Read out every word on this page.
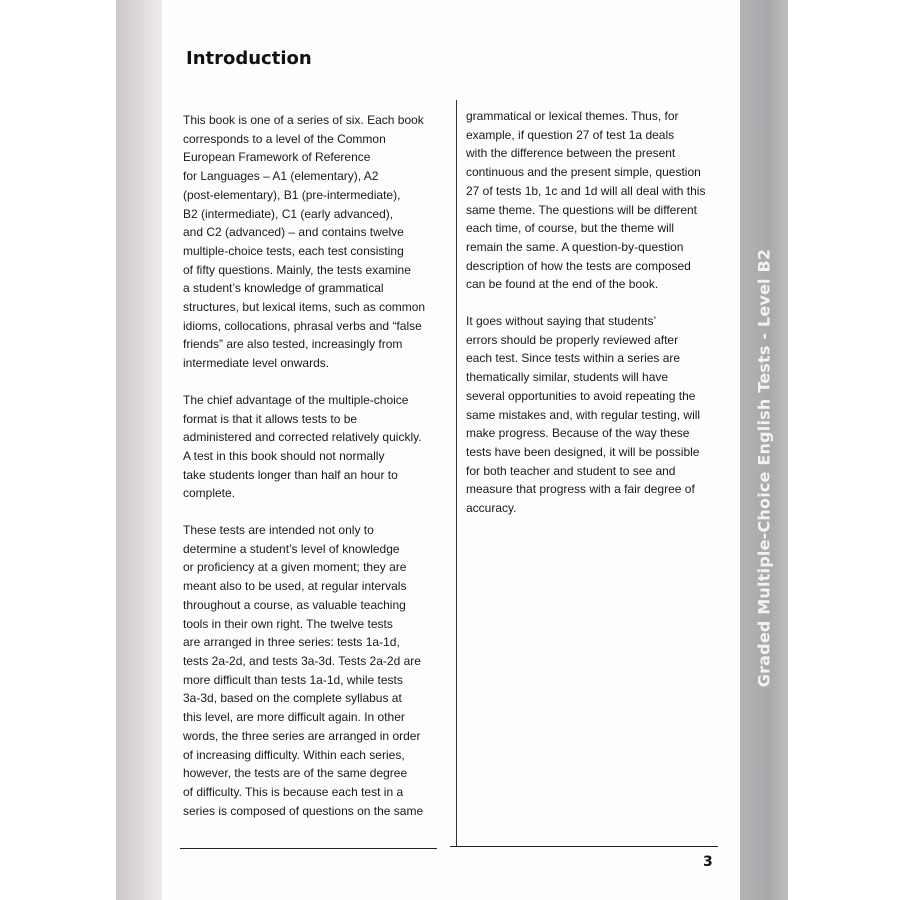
Graded Multiple-Choice English Tests - Level B2
Introduction

This book is one of a series of six. Each book
corresponds to a level of the Common
European Framework of Reference
for Languages – A1 (elementary), A2
(post-elementary), B1 (pre-intermediate),
B2 (intermediate), C1 (early advanced),
and C2 (advanced) – and contains twelve
multiple-choice tests, each test consisting
of fifty questions. Mainly, the tests examine
a student’s knowledge of grammatical
structures, but lexical items, such as common
idioms, collocations, phrasal verbs and “false
friends” are also tested, increasingly from
intermediate level onwards.

The chief advantage of the multiple-choice
format is that it allows tests to be
administered and corrected relatively quickly.
A test in this book should not normally
take students longer than half an hour to
complete.

These tests are intended not only to
determine a student’s level of knowledge
or proficiency at a given moment; they are
meant also to be used, at regular intervals
throughout a course, as valuable teaching
tools in their own right. The twelve tests
are arranged in three series: tests 1a-1d,
tests 2a-2d, and tests 3a-3d. Tests 2a-2d are
more difficult than tests 1a-1d, while tests
3a-3d, based on the complete syllabus at
this level, are more difficult again. In other
words, the three series are arranged in order
of increasing difficulty. Within each series,
however, the tests are of the same degree
of difficulty. This is because each test in a
series is composed of questions on the same

grammatical or lexical themes. Thus, for
example, if question 27 of test 1a deals
with the difference between the present
continuous and the present simple, question
27 of tests 1b, 1c and 1d will all deal with this
same theme. The questions will be different
each time, of course, but the theme will
remain the same. A question-by-question
description of how the tests are composed
can be found at the end of the book.

It goes without saying that students’
errors should be properly reviewed after
each test. Since tests within a series are
thematically similar, students will have
several opportunities to avoid repeating the
same mistakes and, with regular testing, will
make progress. Because of the way these
tests have been designed, it will be possible
for both teacher and student to see and
measure that progress with a fair degree of
accuracy.

3
